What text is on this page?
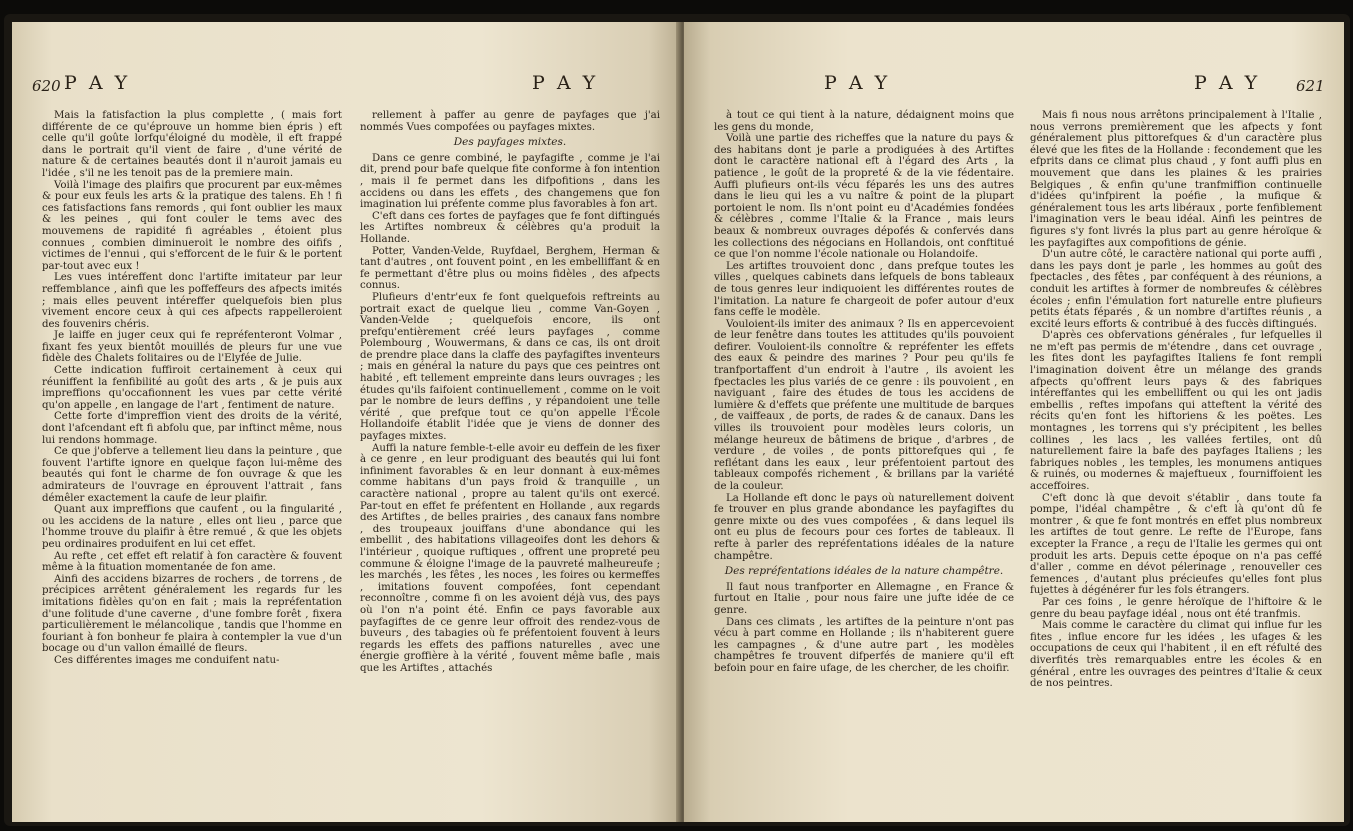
620 P A Y	P A Y

Mais la fatisfaction la plus complette , ( mais fort différente de ce qu'éprouve un homme bien épris ) eft celle qu'il goûte lorfqu'éloigné du modèle, il eft frappé dans le portrait qu'il vient de faire , d'une vérité de nature & de certaines beautés dont il n'auroit jamais eu l'idée , s'il ne les tenoit pas de la premiere main.

Voilà l'image des plaifirs que procurent par eux-mêmes & pour eux feuls les arts & la pratique des talens. Eh ! fi ces fatisfactions fans remords , qui font oublier les maux & les peines , qui font couler le tems avec des mouvemens de rapidité fi agréables , étoient plus connues , combien diminueroit le nombre des oififs , victimes de l'ennui , qui s'efforcent de le fuir & le portent par-tout avec eux !

Les vues intéreffent donc l'artifte imitateur par leur reffemblance , ainfi que les poffeffeurs des afpects imités ; mais elles peuvent intéreffer quelquefois bien plus vivement encore ceux à qui ces afpects rappelleroient des fouvenirs chéris.

Je laiffe en juger ceux qui fe repréfenteront Volmar , fixant fes yeux bientôt mouillés de pleurs fur une vue fidèle des Chalets folitaires ou de l'Elyfée de Julie.

Cette indication fuffiroit certainement à ceux qui réuniffent la fenfibilité au goût des arts , & je puis aux impreffions qu'occafionnent les vues par cette vérité qu'on appelle , en langage de l'art , fentiment de nature.

Cette forte d'impreffion vient des droits de la vérité, dont l'afcendant eft fi abfolu que, par inftinct même, nous lui rendons hommage.

Ce que j'obferve a tellement lieu dans la peinture , que fouvent l'artifte ignore en quelque façon lui-même des beautés qui font le charme de fon ouvrage & que les admirateurs de l'ouvrage en éprouvent l'attrait , fans démêler exactement la caufe de leur plaifir.

Quant aux impreffions que caufent , ou la fingularité , ou les accidens de la nature , elles ont lieu , parce que l'homme trouve du plaifir à être remué , & que les objets peu ordinaires produifent en lui cet effet.

Au refte , cet effet eft relatif à fon caractère & fouvent même à la fituation momentanée de fon ame.

Ainfi des accidens bizarres de rochers , de torrens , de précipices arrêtent généralement les regards fur les imitations fidèles qu'on en fait ; mais la repréfentation d'une folitude d'une caverne , d'une fombre forêt , fixera particulièrement le mélancolique , tandis que l'homme en fouriant à fon bonheur fe plaira à contempler la vue d'un bocage ou d'un vallon émaillé de fleurs.

Ces différentes images me conduifent natu-

rellement à paffer au genre de payfages que j'ai nommés Vues compofées ou payfages mixtes.

Des payfages mixtes.

Dans ce genre combiné, le payfagifte , comme je l'ai dit, prend pour bafe quelque fite conforme à fon intention , mais il fe permet dans les difpofitions , dans les accidens ou dans les effets , des changemens que fon imagination lui préfente comme plus favorables à fon art.

C'eft dans ces fortes de payfages que fe font diftingués les Artiftes nombreux & célèbres qu'a produit la Hollande.

Potter, Vanden-Velde, Ruyfdael, Berghem, Herman & tant d'autres , ont fouvent point , en les embelliffant & en fe permettant d'être plus ou moins fidèles , des afpects connus.

Plufieurs d'entr'eux fe font quelquefois reftreints au portrait exact de quelque lieu , comme Van-Goyen , Vanden-Velde ; quelquefois encore, ils ont prefqu'entièrement créé leurs payfages , comme Polembourg , Wouwermans, & dans ce cas, ils ont droit de prendre place dans la claffe des payfagiftes inventeurs ; mais en général la nature du pays que ces peintres ont habité , eft tellement empreinte dans leurs ouvrages ; les études qu'ils faifoient continuellement , comme on le voit par le nombre de leurs deffins , y répandoient une telle vérité , que prefque tout ce qu'on appelle l'École Hollandoife établit l'idée que je viens de donner des payfages mixtes.

Auffi la nature femble-t-elle avoir eu deffein de les fixer à ce genre , en leur prodiguant des beautés qui lui font infiniment favorables & en leur donnant à eux-mêmes comme habitans d'un pays froid & tranquille , un caractère national , propre au talent qu'ils ont exercé. Par-tout en effet fe préfentent en Hollande , aux regards des Artiftes , de belles prairies , des canaux fans nombre , des troupeaux jouiffans d'une abondance qui les embellit , des habitations villageoifes dont les dehors & l'intérieur , quoique ruftiques , offrent une propreté peu commune & éloigne l'image de la pauvreté malheureufe ; les marchés , les fêtes , les noces , les foires ou kermeffes , imitations fouvent compofées, font cependant reconnoître , comme fi on les avoient déjà vus, des pays où l'on n'a point été. Enfin ce pays favorable aux payfagiftes de ce genre leur offroit des rendez-vous de buveurs , des tabagies où fe préfentoient fouvent à leurs regards les effets des paffions naturelles , avec une énergie groffière à la vérité , fouvent même bafle , mais que les Artiftes , attachés

P A Y	P A Y 621

à tout ce qui tient à la nature, dédaignent moins que les gens du monde,

Voilà une partie des richeffes que la nature du pays & des habitans dont je parle a prodiguées à des Artiftes dont le caractère national eft à l'égard des Arts , la patience , le goût de la propreté & de la vie fédentaire. Auffi plufieurs ont-ils vécu féparés les uns des autres dans le lieu qui les a vu naître & point de la plupart portoient le nom. Ils n'ont point eu d'Académies fondées & célèbres , comme l'Italie & la France , mais leurs beaux & nombreux ouvrages dépofés & confervés dans les collections des négocians en Hollandois, ont conftitué ce que l'on nomme l'école nationale ou Holandoife.

Les artiftes trouvoient donc , dans prefque toutes les villes , quelques cabinets dans lefquels de bons tableaux de tous genres leur indiquoient les différentes routes de l'imitation. La nature fe chargeoit de pofer autour d'eux fans ceffe le modèle.

Vouloient-ils imiter des animaux ? Ils en appercevoient de leur fenêtre dans toutes les attitudes qu'ils pouvoient defirer. Vouloient-ils connoître & repréfenter les effets des eaux & peindre des marines ? Pour peu qu'ils fe tranfportaffent d'un endroit à l'autre , ils avoient les fpectacles les plus variés de ce genre : ils pouvoient , en naviguant , faire des études de tous les accidens de lumière & d'effets que préfente une multitude de barques , de vaiffeaux , de ports, de rades & de canaux. Dans les villes ils trouvoient pour modèles leurs coloris, un mélange heureux de bâtimens de brique , d'arbres , de verdure , de voiles , de ponts pittorefques qui , fe reflétant dans les eaux , leur préfentoient partout des tableaux compofés richement , & brillans par la variété de la couleur.

La Hollande eft donc le pays où naturellement doivent fe trouver en plus grande abondance les payfagiftes du genre mixte ou des vues compofées , & dans lequel ils ont eu plus de fecours pour ces fortes de tableaux. Il refte à parler des repréfentations idéales de la nature champêtre.

Des repréfentations idéales de la nature champêtre.

Il faut nous tranfporter en Allemagne , en France & furtout en Italie , pour nous faire une jufte idée de ce genre.

Dans ces climats , les artiftes de la peinture n'ont pas vécu à part comme en Hollande ; ils n'habiterent guere les campagnes , & d'une autre part , les modèles champêtres fe trouvent difperfés de maniere qu'il eft befoin pour en faire ufage, de les chercher, de les choifir.

Mais fi nous nous arrêtons principalement à l'Italie , nous verrons premièrement que les afpects y font généralement plus pittorefques & d'un caractère plus élevé que les fites de la Hollande : fecondement que les efprits dans ce climat plus chaud , y font auffi plus en mouvement que dans les plaines & les prairies Belgiques , & enfin qu'une tranfmiffion continuelle d'idées qu'infpirent la poéfie , la mufique & généralement tous les arts libéraux , porte fenfiblement l'imagination vers le beau idéal. Ainfi les peintres de figures s'y font livrés la plus part au genre héroïque & les payfagiftes aux compofitions de génie.

D'un autre côté, le caractère national qui porte auffi , dans les pays dont je parle , les hommes au goût des fpectacles , des fêtes , par conféquent à des réunions, a conduit les artiftes à former de nombreufes & célèbres écoles ; enfin l'émulation fort naturelle entre plufieurs petits états féparés , & un nombre d'artiftes réunis , a excité leurs efforts & contribué à des fuccès diftingués.

D'après ces obfervations générales , fur lefquelles il ne m'eft pas permis de m'étendre , dans cet ouvrage , les fites dont les payfagiftes Italiens fe font rempli l'imagination doivent être un mélange des grands afpects qu'offrent leurs pays & des fabriques intéreffantes qui les embelliffent ou qui les ont jadis embellis , reftes impofans qui atteftent la vérité des récits qu'en font les hiftoriens & les poëtes. Les montagnes , les torrens qui s'y précipitent , les belles collines , les lacs , les vallées fertiles, ont dû naturellement faire la bafe des payfages Italiens ; les fabriques nobles , les temples, les monumens antiques & ruinés, ou modernes & majeftueux , fourniffoient les acceffoires.

C'eft donc là que devoit s'établir , dans toute fa pompe, l'idéal champêtre , & c'eft là qu'ont dû fe montrer , & que fe font montrés en effet plus nombreux les artiftes de tout genre. Le refte de l'Europe, fans excepter la France , a reçu de l'Italie les germes qui ont produit les arts. Depuis cette époque on n'a pas ceffé d'aller , comme en dévot pélerinage , renouveller ces femences , d'autant plus précieufes qu'elles font plus fujettes à dégénérer fur les fols étrangers.

Par ces foins , le genre héroïque de l'hiftoire & le genre du beau payfage idéal , nous ont été tranfmis.

Mais comme le caractère du climat qui influe fur les fites , influe encore fur les idées , les ufages & les occupations de ceux qui l'habitent , il en eft réfulté des diverfités très remarquables entre les écoles & en général , entre les ouvrages des peintres d'Italie & ceux de nos peintres.
